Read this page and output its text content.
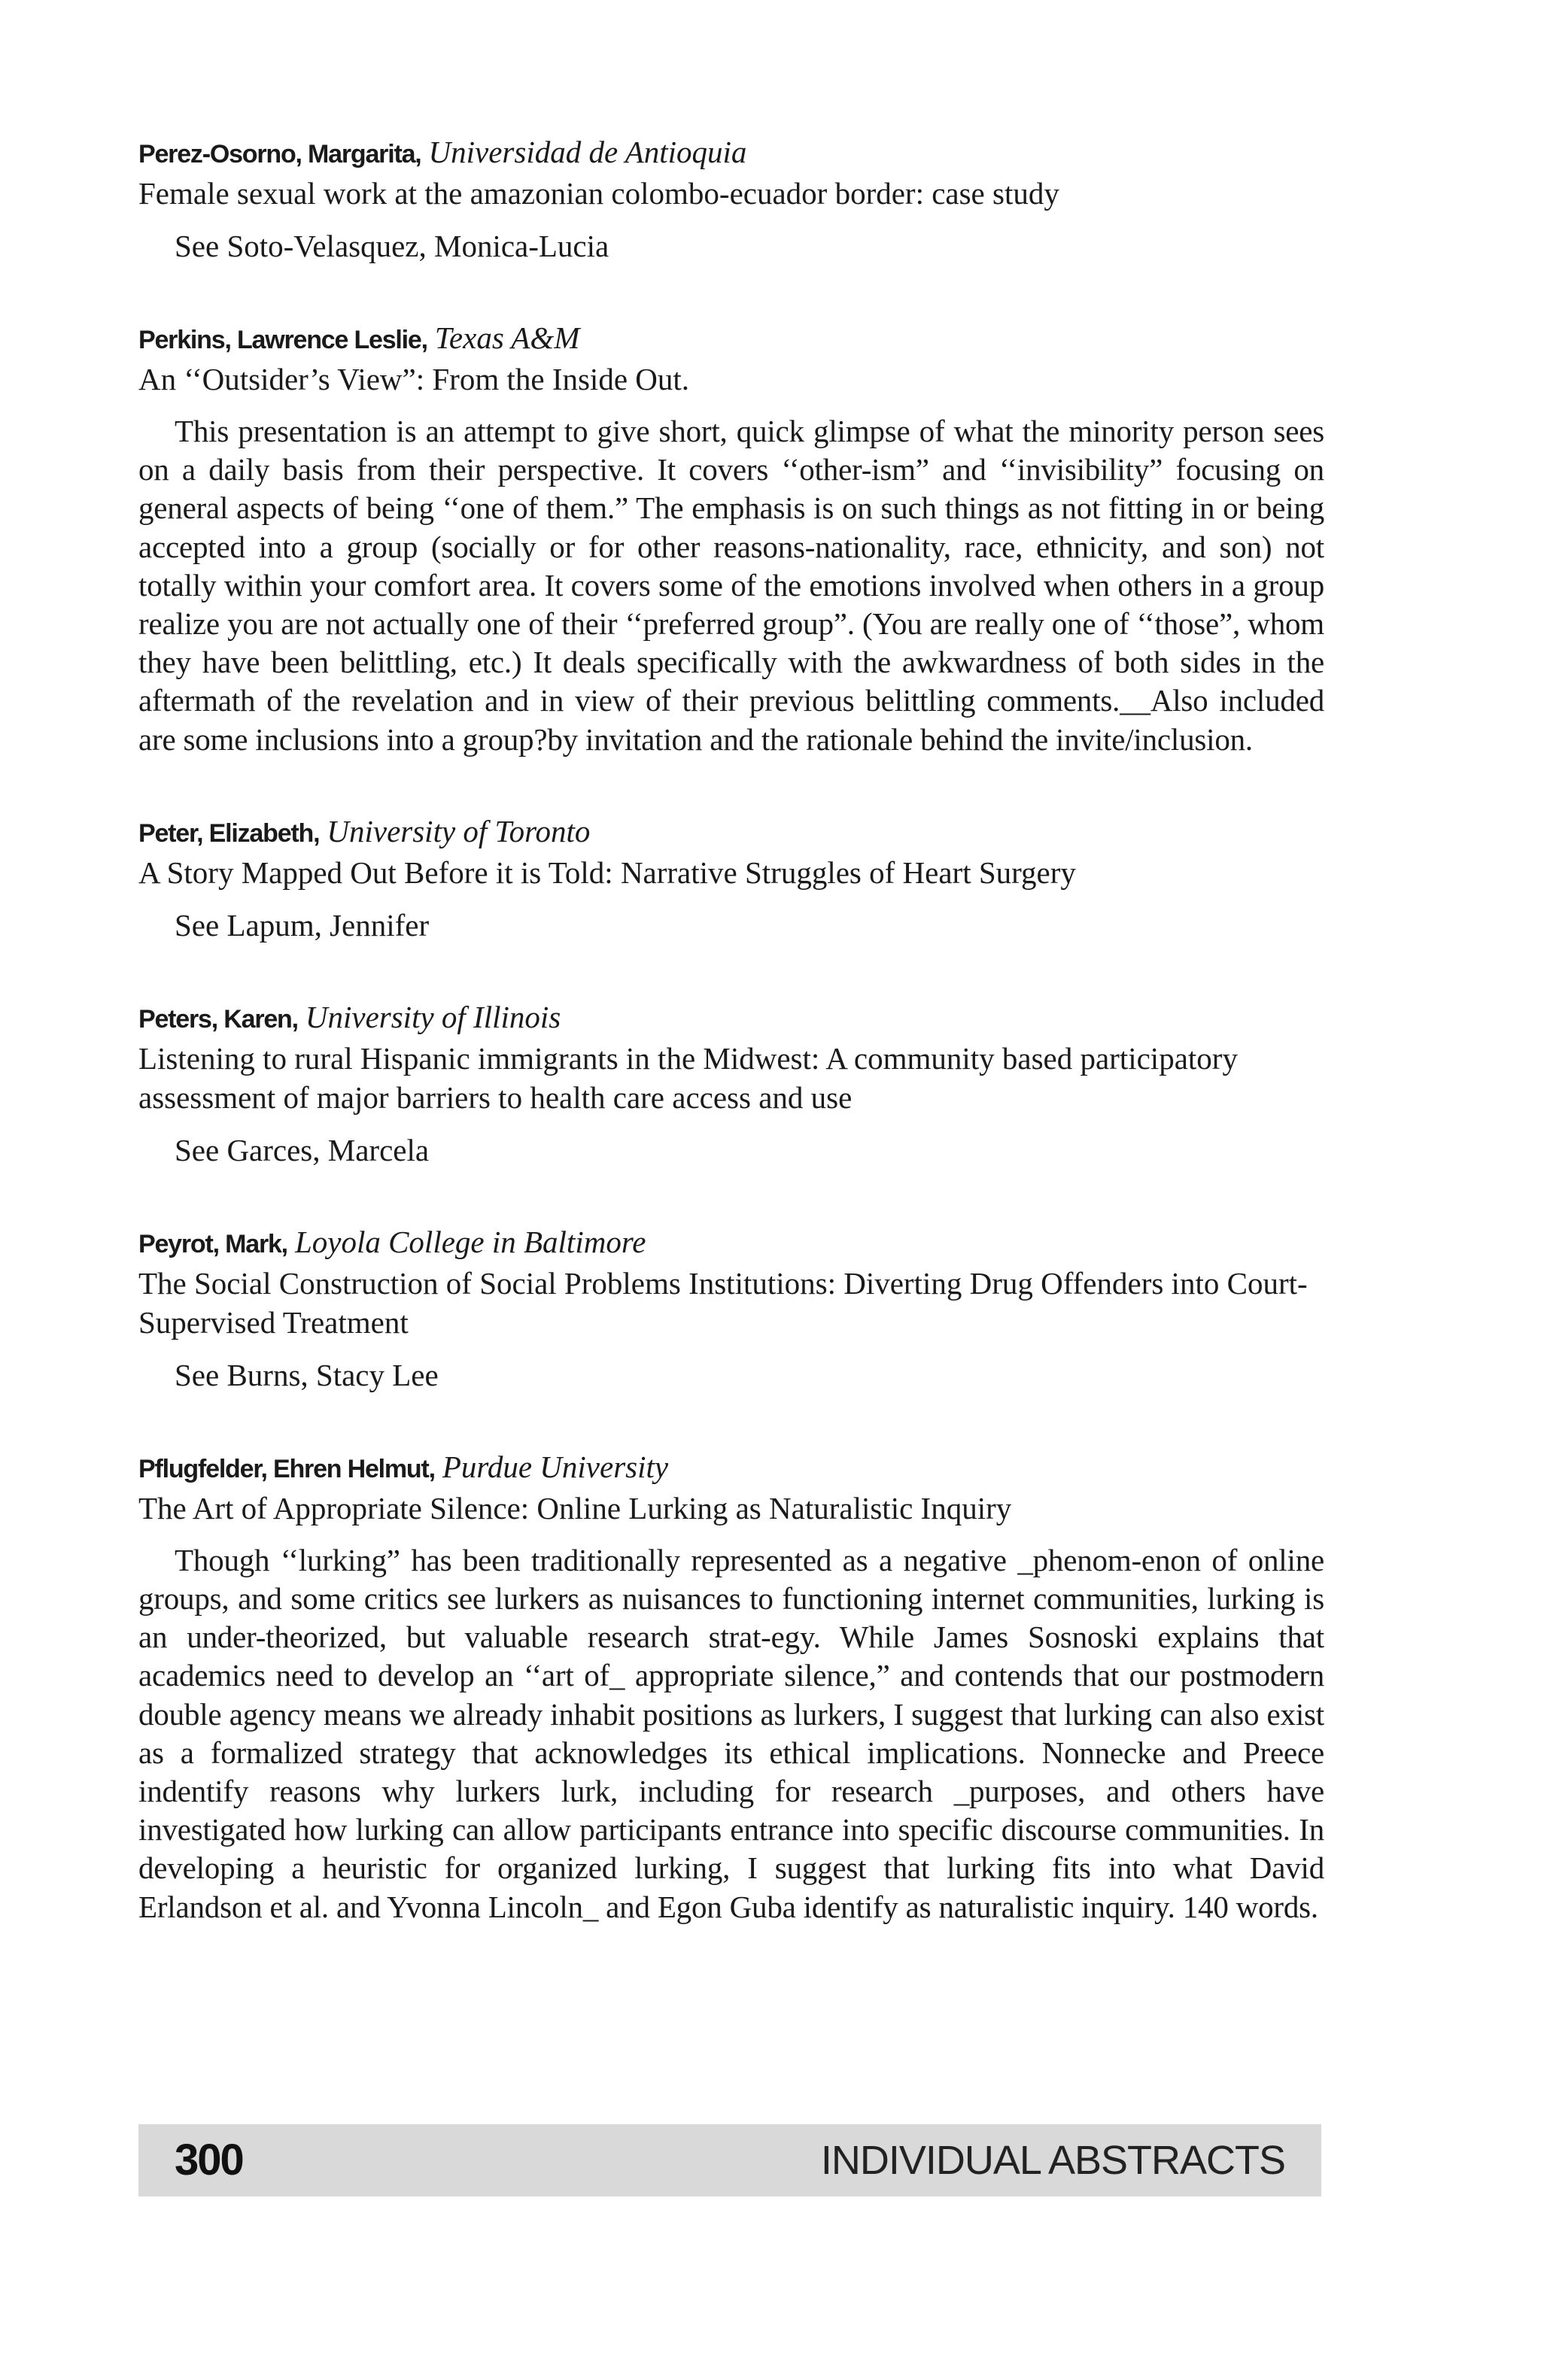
Perez-Osorno, Margarita, Universidad de Antioquia
Female sexual work at the amazonian colombo-ecuador border: case study
See Soto-Velasquez, Monica-Lucia
Perkins, Lawrence Leslie, Texas A&M
An ‘‘Outsider’s View”: From the Inside Out.
This presentation is an attempt to give short, quick glimpse of what the minority person sees on a daily basis from their perspective. It covers ‘‘other-ism” and ‘‘invisibility” focusing on general aspects of being ‘‘one of them.” The emphasis is on such things as not fitting in or being accepted into a group (socially or for other reasons-nationality, race, ethnicity, and son) not totally within your comfort area. It covers some of the emotions involved when others in a group realize you are not actually one of their ‘‘preferred group”. (You are really one of ‘‘those”, whom they have been belittling, etc.) It deals specifically with the awkwardness of both sides in the aftermath of the revelation and in view of their previous belittling comments.__Also included are some inclusions into a group?by invitation and the rationale behind the invite/inclusion.
Peter, Elizabeth, University of Toronto
A Story Mapped Out Before it is Told: Narrative Struggles of Heart Surgery
See Lapum, Jennifer
Peters, Karen, University of Illinois
Listening to rural Hispanic immigrants in the Midwest: A community based participatory assessment of major barriers to health care access and use
See Garces, Marcela
Peyrot, Mark, Loyola College in Baltimore
The Social Construction of Social Problems Institutions: Diverting Drug Offenders into Court-Supervised Treatment
See Burns, Stacy Lee
Pflugfelder, Ehren Helmut, Purdue University
The Art of Appropriate Silence: Online Lurking as Naturalistic Inquiry
Though ‘‘lurking” has been traditionally represented as a negative _phenom-enon of online groups, and some critics see lurkers as nuisances to functioning internet communities, lurking is an under-theorized, but valuable research strat-egy. While James Sosnoski explains that academics need to develop an ‘‘art of_ appropriate silence,” and contends that our postmodern double agency means we already inhabit positions as lurkers, I suggest that lurking can also exist as a formalized strategy that acknowledges its ethical implications. Nonnecke and Preece indentify reasons why lurkers lurk, including for research _purposes, and others have investigated how lurking can allow participants entrance into specific discourse communities. In developing a heuristic for organized lurking, I suggest that lurking fits into what David Erlandson et al. and Yvonna Lincoln_ and Egon Guba identify as naturalistic inquiry. 140 words.
300	INDIVIDUAL ABSTRACTS
